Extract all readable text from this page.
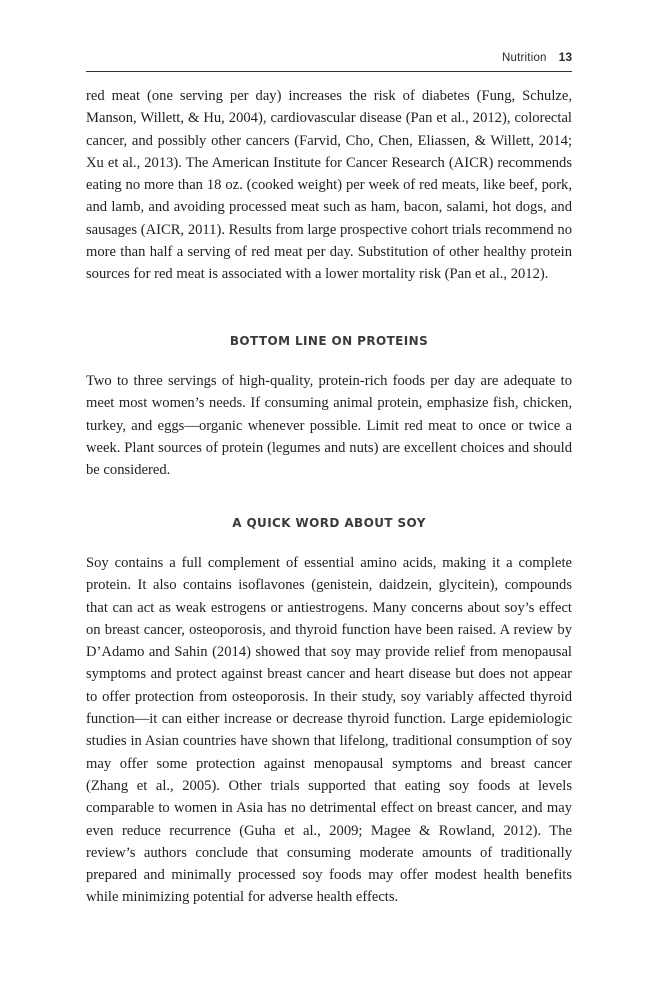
Nutrition 13

red meat (one serving per day) increases the risk of diabetes (Fung, Schulze, Manson, Willett, & Hu, 2004), cardiovascular disease (Pan et al., 2012), colorectal cancer, and possibly other cancers (Farvid, Cho, Chen, Eliassen, & Willett, 2014; Xu et al., 2013). The American Institute for Cancer Research (AICR) recommends eating no more than 18 oz. (cooked weight) per week of red meats, like beef, pork, and lamb, and avoiding processed meat such as ham, bacon, salami, hot dogs, and sausages (AICR, 2011). Results from large prospective cohort trials recommend no more than half a serving of red meat per day. Substitution of other healthy protein sources for red meat is associated with a lower mortality risk (Pan et al., 2012).

BOTTOM LINE ON PROTEINS

Two to three servings of high-quality, protein-rich foods per day are adequate to meet most women’s needs. If consuming animal protein, emphasize fish, chicken, turkey, and eggs—organic whenever possible. Limit red meat to once or twice a week. Plant sources of protein (legumes and nuts) are excellent choices and should be considered.

A QUICK WORD ABOUT SOY

Soy contains a full complement of essential amino acids, making it a complete protein. It also contains isoflavones (genistein, daidzein, glycitein), compounds that can act as weak estrogens or antiestrogens. Many concerns about soy’s effect on breast cancer, osteoporosis, and thyroid function have been raised. A review by D’Adamo and Sahin (2014) showed that soy may provide relief from menopausal symptoms and protect against breast cancer and heart disease but does not appear to offer protection from osteoporosis. In their study, soy variably affected thyroid function—it can either increase or decrease thyroid function. Large epidemiologic studies in Asian countries have shown that lifelong, traditional consumption of soy may offer some protection against menopausal symptoms and breast cancer (Zhang et al., 2005). Other trials supported that eating soy foods at levels comparable to women in Asia has no detrimental effect on breast cancer, and may even reduce recurrence (Guha et al., 2009; Magee & Rowland, 2012). The review’s authors conclude that consuming moderate amounts of traditionally prepared and minimally processed soy foods may offer modest health benefits while minimizing potential for adverse health effects.
